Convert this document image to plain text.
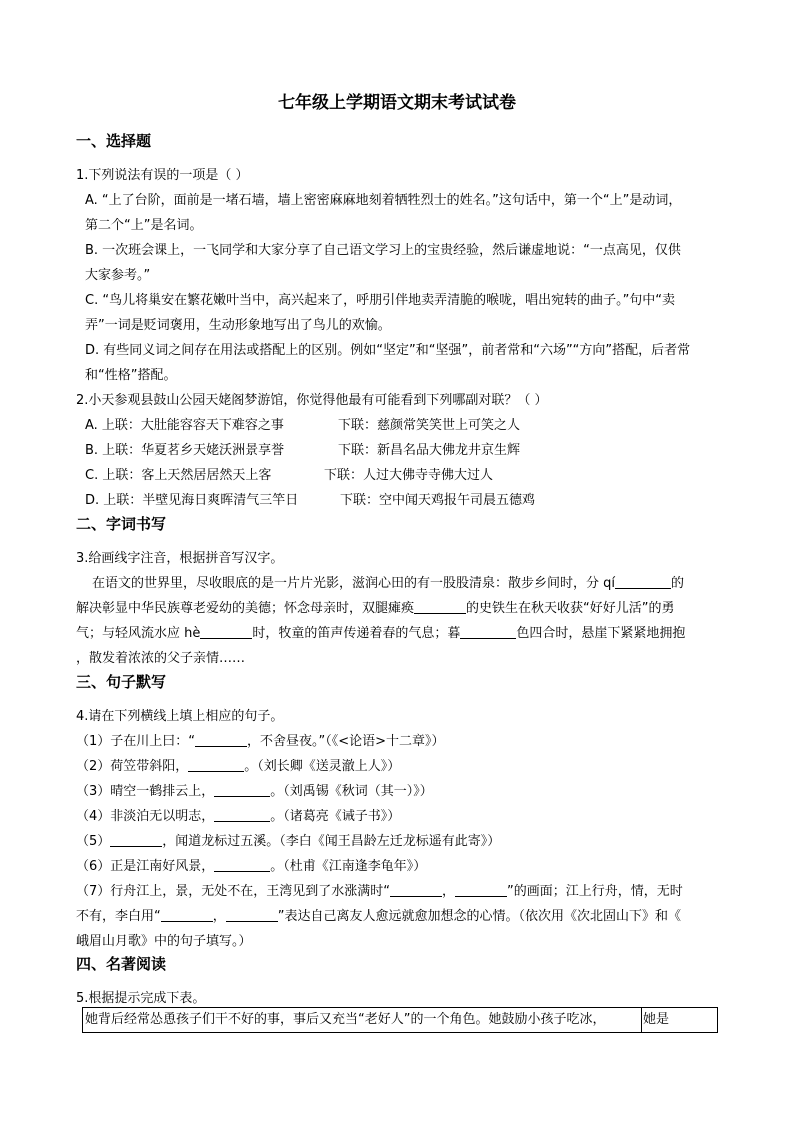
七年级上学期语文期末考试试卷
一、选择题
1.下列说法有误的一项是（ ）
A. “上了台阶，面前是一堵石墙，墙上密密麻麻地刻着牺牲烈士的姓名。”这句话中，第一个“上”是动词，
第二个“上”是名词。
B. 一次班会课上，一飞同学和大家分享了自己语文学习上的宝贵经验，然后谦虚地说：“一点高见，仅供
大家参考。”
C. “鸟儿将巢安在繁花嫩叶当中，高兴起来了，呼朋引伴地卖弄清脆的喉咙，唱出宛转的曲子。”句中“卖
弄”一词是贬词褒用，生动形象地写出了鸟儿的欢愉。
D. 有些同义词之间存在用法或搭配上的区别。例如“坚定”和“坚强”，前者常和“六场”“方向”搭配，后者常
和“性格”搭配。
2.小天参观县鼓山公园天姥阁梦游馆，你觉得他最有可能看到下列哪副对联？（ ）
A. 上联：大肚能容容天下难容之事	下联：慈颜常笑笑世上可笑之人
B. 上联：华夏茗乡天姥沃洲景享誉	下联：新昌名品大佛龙井京生辉
C. 上联：客上天然居居然天上客	下联：人过大佛寺寺佛大过人
D. 上联：半壁见海日爽晖清气三竿日	下联：空中闻天鸡报午司晨五德鸡
二、字词书写
3.给画线字注音，根据拼音写汉字。
在语文的世界里，尽收眼底的是一片片光影，滋润心田的有一股股清泉：散步乡间时，分 qí	的
解决彰显中华民族尊老爱幼的美德；怀念母亲时，双腿瘫痪	的史铁生在秋天收获“好好儿活”的勇
气；与轻风流水应 hè	时，牧童的笛声传递着春的气息；暮	色四合时，悬崖下紧紧地拥抱
，散发着浓浓的父子亲情……
三、句子默写
4.请在下列横线上填上相应的句子。
（1）子在川上曰：“	，不舍昼夜。”（《<论语>十二章》）
（2）荷笠带斜阳，	。（刘长卿《送灵澈上人》）
（3）晴空一鹤排云上，	。（刘禹锡《秋词（其一）》）
（4）非淡泊无以明志，	。（诸葛亮《诫子书》）
（5）	，闻道龙标过五溪。（李白《闻王昌龄左迁龙标遥有此寄》）
（6）正是江南好风景，	。（杜甫《江南逢李龟年》）
（7）行舟江上，景，无处不在，王湾见到了水涨满时“	，	”的画面；江上行舟，情，无时
不有，李白用“	，	”表达自己离友人愈远就愈加想念的心情。（依次用《次北固山下》和《
峨眉山月歌》中的句子填写。）
四、名著阅读
5.根据提示完成下表。
她背后经常怂恿孩子们干不好的事，事后又充当“老好人”的一个角色。她鼓励小孩子吃冰，	她是
